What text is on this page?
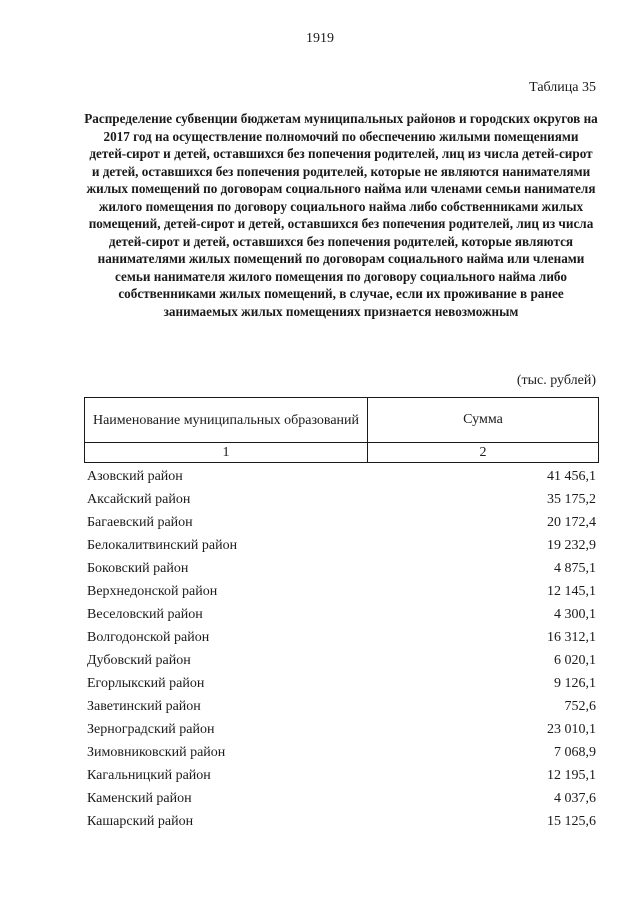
1919
Таблица 35

Распределение субвенции бюджетам муниципальных районов и городских округов на 2017 год на осуществление полномочий по обеспечению жилыми помещениями детей-сирот и детей, оставшихся без попечения родителей, лиц из числа детей-сирот и детей, оставшихся без попечения родителей, которые не являются нанимателями жилых помещений по договорам социального найма или членами семьи нанимателя жилого помещения по договору социального найма либо собственниками жилых помещений, детей-сирот и детей, оставшихся без попечения родителей, лиц из числа детей-сирот и детей, оставшихся без попечения родителей, которые являются нанимателями жилых помещений по договорам социального найма или членами семьи нанимателя жилого помещения по договору социального найма либо собственниками жилых помещений, в случае, если их проживание в ранее занимаемых жилых помещениях признается невозможным

(тыс. рублей)
Наименование муниципальных образований	Сумма
1	2
Азовский район	41 456,1
Аксайский район	35 175,2
Багаевский район	20 172,4
Белокалитвинский район	19 232,9
Боковский район	4 875,1
Верхнедонской район	12 145,1
Веселовский район	4 300,1
Волгодонской район	16 312,1
Дубовский район	6 020,1
Егорлыкский район	9 126,1
Заветинский район	752,6
Зерноградский район	23 010,1
Зимовниковский район	7 068,9
Кагальницкий район	12 195,1
Каменский район	4 037,6
Кашарский район	15 125,6
